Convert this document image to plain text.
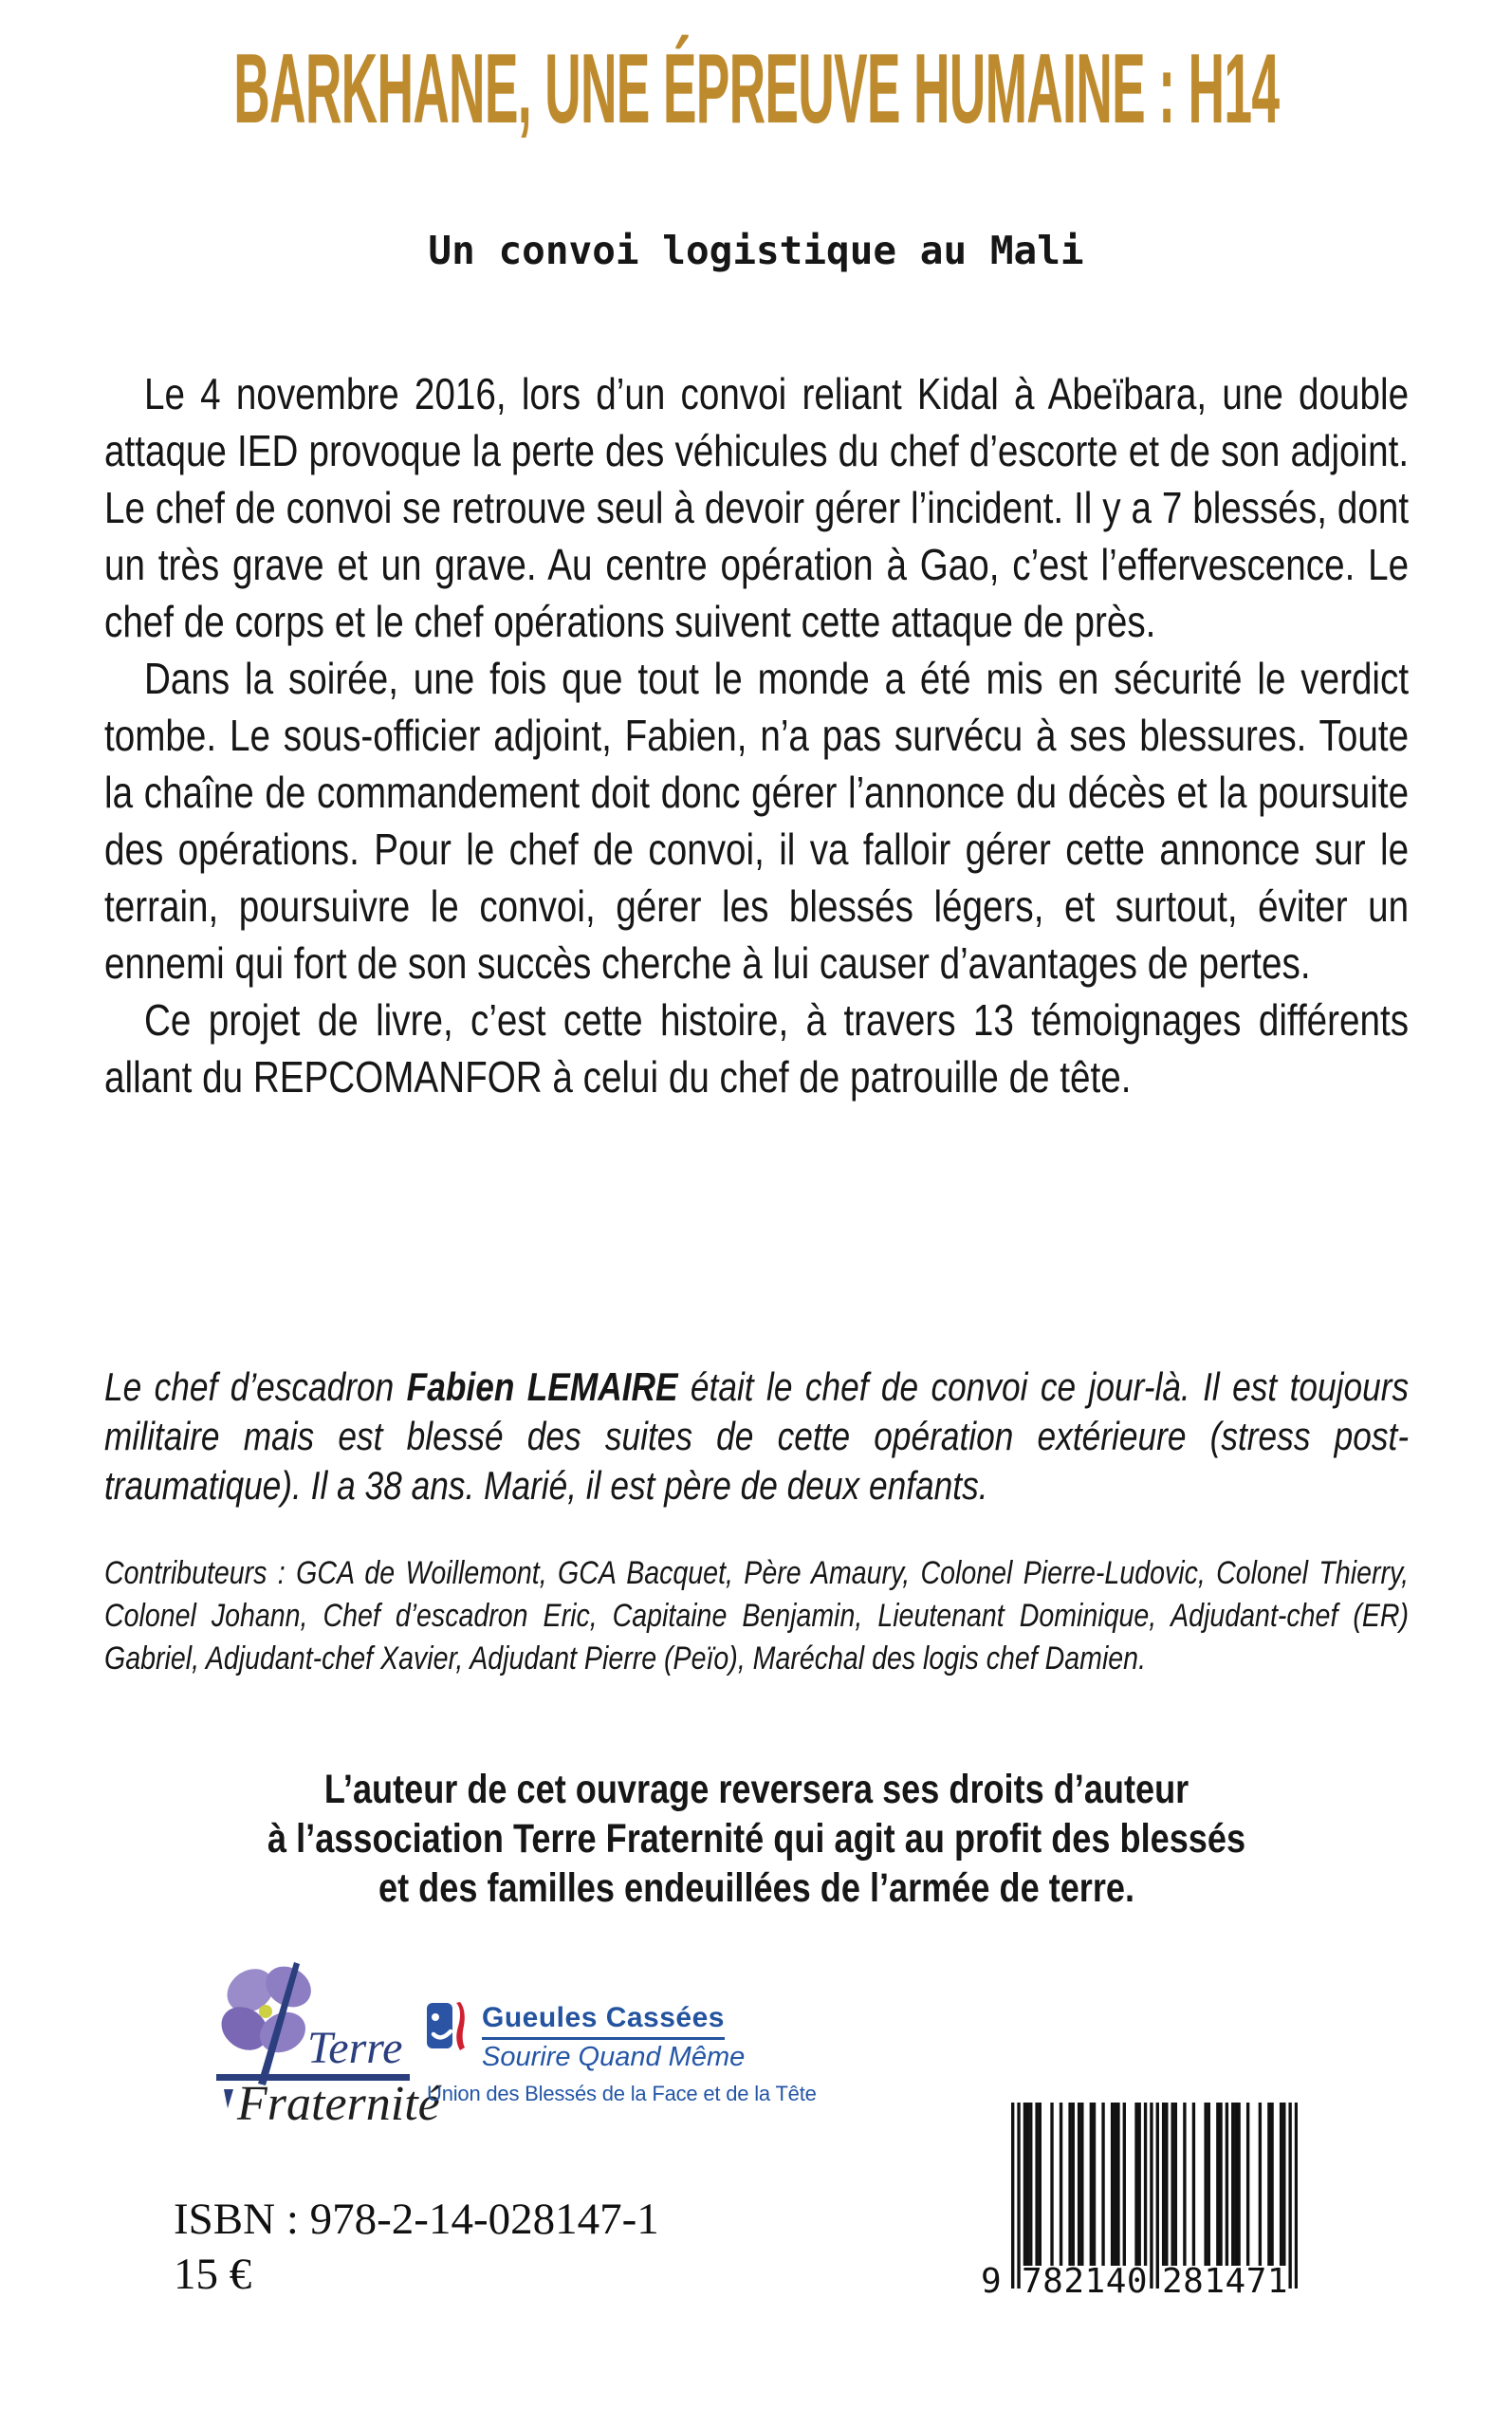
BARKHANE, UNE ÉPREUVE HUMAINE : H14
Un convoi logistique au Mali

Le 4 novembre 2016, lors d’un convoi reliant Kidal à Abeïbara, une double attaque IED provoque la perte des véhicules du chef d’escorte et de son adjoint. Le chef de convoi se retrouve seul à devoir gérer l’incident. Il y a 7 blessés, dont un très grave et un grave. Au centre opération à Gao, c’est l’effervescence. Le chef de corps et le chef opérations suivent cette attaque de près.

Dans la soirée, une fois que tout le monde a été mis en sécurité le verdict tombe. Le sous-officier adjoint, Fabien, n’a pas survécu à ses blessures. Toute la chaîne de commandement doit donc gérer l’annonce du décès et la poursuite des opérations. Pour le chef de convoi, il va falloir gérer cette annonce sur le terrain, poursuivre le convoi, gérer les blessés légers, et surtout, éviter un ennemi qui fort de son succès cherche à lui causer d’avantages de pertes.

Ce projet de livre, c’est cette histoire, à travers 13 témoignages différents allant du REPCOMANFOR à celui du chef de patrouille de tête.

Le chef d’escadron Fabien LEMAIRE était le chef de convoi ce jour-là. Il est toujours militaire mais est blessé des suites de cette opération extérieure (stress post-traumatique). Il a 38 ans. Marié, il est père de deux enfants.
Contributeurs : GCA de Woillemont, GCA Bacquet, Père Amaury, Colonel Pierre-Ludovic, Colonel Thierry, Colonel Johann, Chef d’escadron Eric, Capitaine Benjamin, Lieutenant Dominique, Adjudant-chef (ER) Gabriel, Adjudant-chef Xavier, Adjudant Pierre (Peïo), Maréchal des logis chef Damien.
L’auteur de cet ouvrage reversera ses droits d’auteur
à l’association Terre Fraternité qui agit au profit des blessés
et des familles endeuillées de l’armée de terre.
Terre
Fraternité
Gueules Cassées
Sourire Quand Même
Union des Blessés de la Face et de la Tête
9 782140 281471
ISBN : 978-2-14-028147-1
15 €
